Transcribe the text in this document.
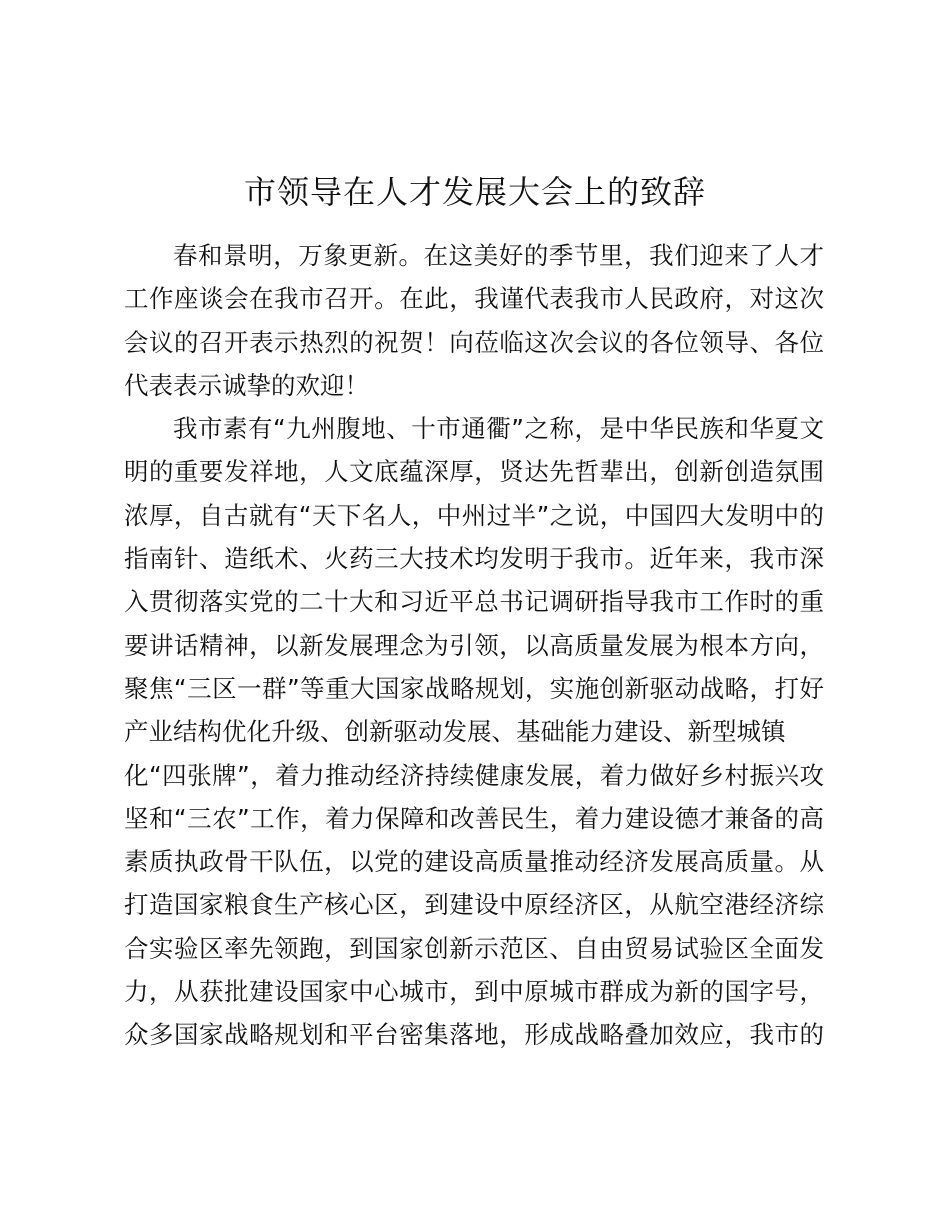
市领导在人才发展大会上的致辞

春和景明，万象更新。在这美好的季节里，我们迎来了人才
工作座谈会在我市召开。在此，我谨代表我市人民政府，对这次
会议的召开表示热烈的祝贺！向莅临这次会议的各位领导、各位
代表表示诚挚的欢迎！

我市素有“九州腹地、十市通衢”之称，是中华民族和华夏文
明的重要发祥地，人文底蕴深厚，贤达先哲辈出，创新创造氛围
浓厚，自古就有“天下名人，中州过半”之说，中国四大发明中的
指南针、造纸术、火药三大技术均发明于我市。近年来，我市深
入贯彻落实党的二十大和习近平总书记调研指导我市工作时的重
要讲话精神，以新发展理念为引领，以高质量发展为根本方向，
聚焦“三区一群”等重大国家战略规划，实施创新驱动战略，打好
产业结构优化升级、创新驱动发展、基础能力建设、新型城镇
化“四张牌”，着力推动经济持续健康发展，着力做好乡村振兴攻
坚和“三农”工作，着力保障和改善民生，着力建设德才兼备的高
素质执政骨干队伍，以党的建设高质量推动经济发展高质量。从
打造国家粮食生产核心区，到建设中原经济区，从航空港经济综
合实验区率先领跑，到国家创新示范区、自由贸易试验区全面发
力，从获批建设国家中心城市，到中原城市群成为新的国字号，
众多国家战略规划和平台密集落地，形成战略叠加效应，我市的
